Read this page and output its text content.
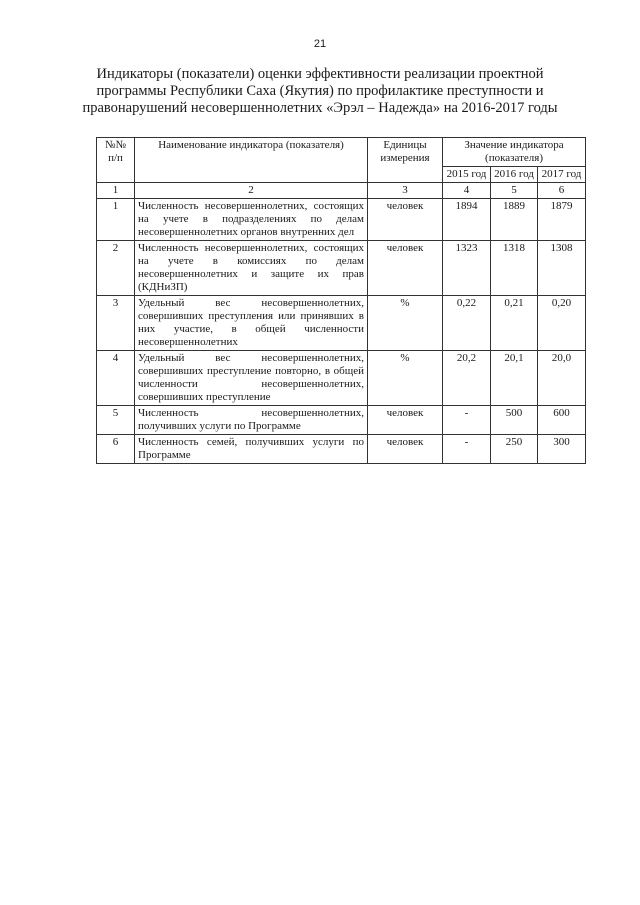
21
Индикаторы (показатели) оценки эффективности реализации проектной
программы Республики Саха (Якутия) по профилактике преступности и
правонарушений несовершеннолетних «Эрэл – Надежда» на 2016-2017 годы
№№ п/п	Наименование индикатора (показателя)	Единицы измерения	Значение индикатора (показателя)		
			2015 год	2016 год	2017 год
1	2	3	4	5	6
1	Численность несовершеннолетних, состоящих на учете в подразделениях по делам несовершеннолетних органов внутренних дел	человек	1894	1889	1879
2	Численность несовершеннолетних, состоящих на учете в комиссиях по делам несовершеннолетних и защите их прав (КДНиЗП)	человек	1323	1318	1308
3	Удельный вес несовершеннолетних, совершивших преступления или принявших в них участие, в общей численности несовершеннолетних	%	0,22	0,21	0,20
4	Удельный вес несовершеннолетних, совершивших преступление повторно, в общей численности несовершеннолетних, совершивших преступление	%	20,2	20,1	20,0
5	Численность несовершеннолетних, получивших услуги по Программе	человек	-	500	600
6	Численность семей, получивших услуги по Программе	человек	-	250	300
